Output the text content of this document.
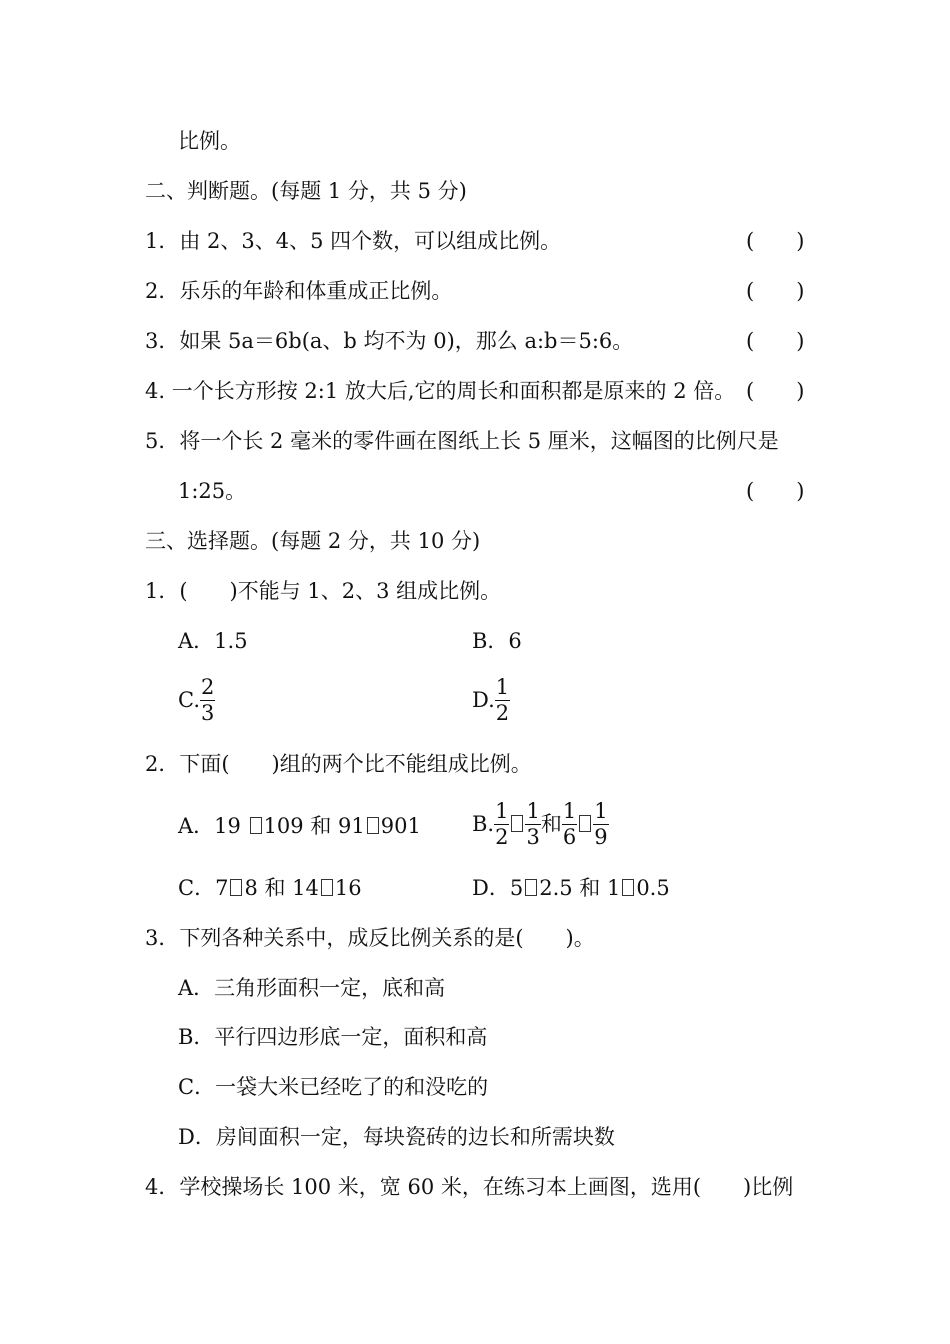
比例。
二、判断题。(每题 1 分，共 5 分)
1．由 2、3、4、5 四个数，可以组成比例。	(　　)
2．乐乐的年龄和体重成正比例。	(　　)
3．如果 5a＝6b(a、b 均不为 0)，那么 a:b＝5:6。	(　　)
4. 一个长方形按 2:1 放大后,它的周长和面积都是原来的 2 倍。 (　　)
5．将一个长 2 毫米的零件画在图纸上长 5 厘米，这幅图的比例尺是
1:25。	(　　)
三、选择题。(每题 2 分，共 10 分)
1．(　　)不能与 1、2、3 组成比例。
A．1.5	B．6
C. $\frac{2}{3}$	D. $\frac{1}{2}$
2．下面(　　)组的两个比不能组成比例。
A．19 109 和 91 901 B. $\frac{1}{2} \frac{1}{3}$ 和 $\frac{1}{6} \frac{1}{9}$
C．7 8 和 14 16	D．5 2.5 和 1 0.5
3．下列各种关系中，成反比例关系的是(　　)。
A．三角形面积一定，底和高
B．平行四边形底一定，面积和高
C．一袋大米已经吃了的和没吃的
D．房间面积一定，每块瓷砖的边长和所需块数
4．学校操场长 100 米，宽 60 米，在练习本上画图，选用(　　)比例
